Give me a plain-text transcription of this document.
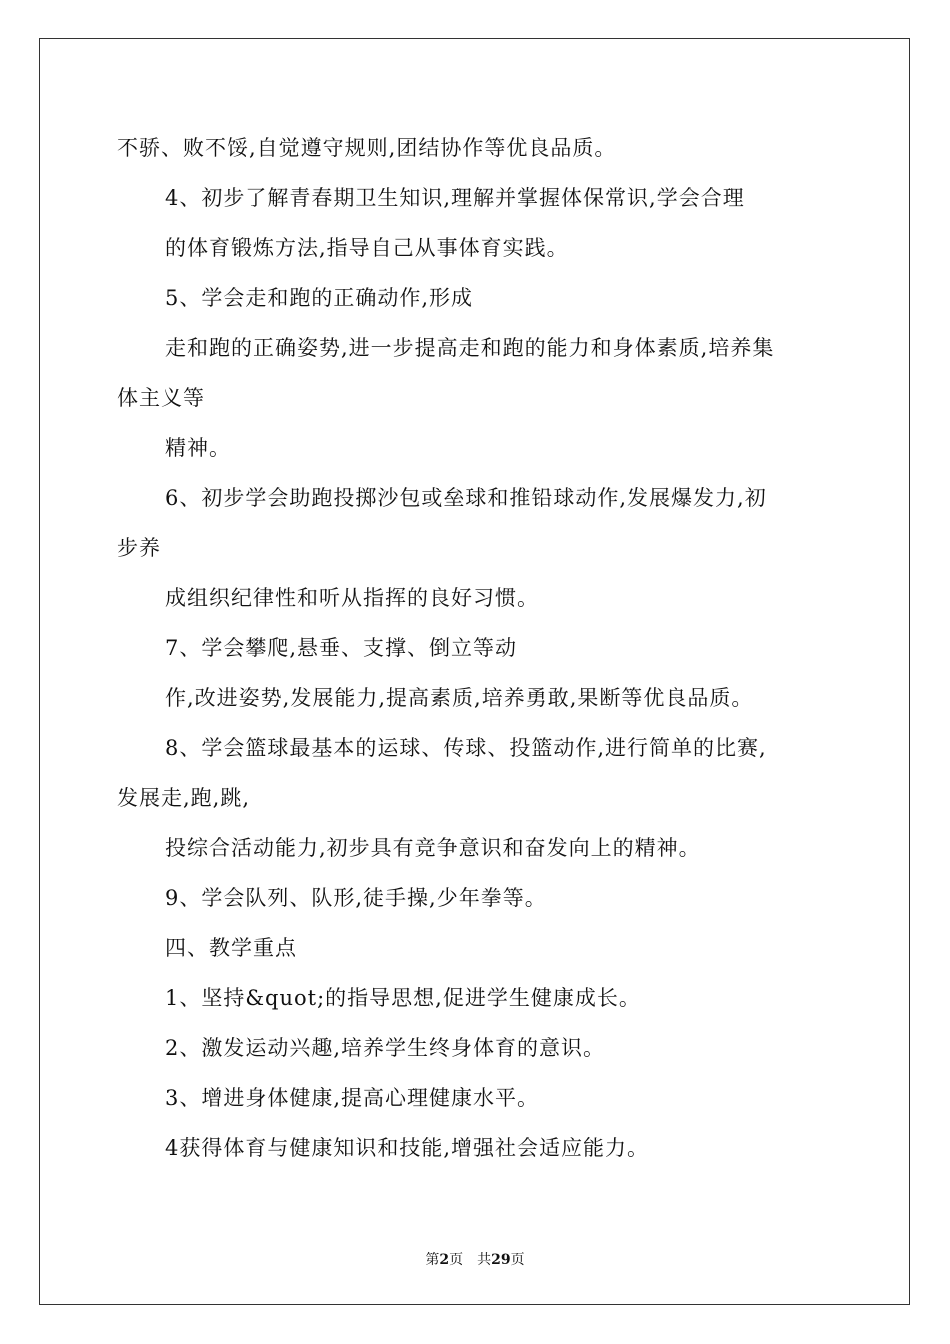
不骄、败不馁,自觉遵守规则,团结协作等优良品质。
4、初步了解青春期卫生知识,理解并掌握体保常识,学会合理
的体育锻炼方法,指导自己从事体育实践。
5、学会走和跑的正确动作,形成
走和跑的正确姿势,进一步提高走和跑的能力和身体素质,培养集
体主义等
精神。
6、初步学会助跑投掷沙包或垒球和推铅球动作,发展爆发力,初
步养
成组织纪律性和听从指挥的良好习惯。
7、学会攀爬,悬垂、支撑、倒立等动
作,改进姿势,发展能力,提高素质,培养勇敢,果断等优良品质。
8、学会篮球最基本的运球、传球、投篮动作,进行简单的比赛,
发展走,跑,跳,
投综合活动能力,初步具有竞争意识和奋发向上的精神。
9、学会队列、队形,徒手操,少年拳等。
四、教学重点
1、坚持&quot;的指导思想,促进学生健康成长。
2、激发运动兴趣,培养学生终身体育的意识。
3、增进身体健康,提高心理健康水平。
4获得体育与健康知识和技能,增强社会适应能力。
第2页 共29页
